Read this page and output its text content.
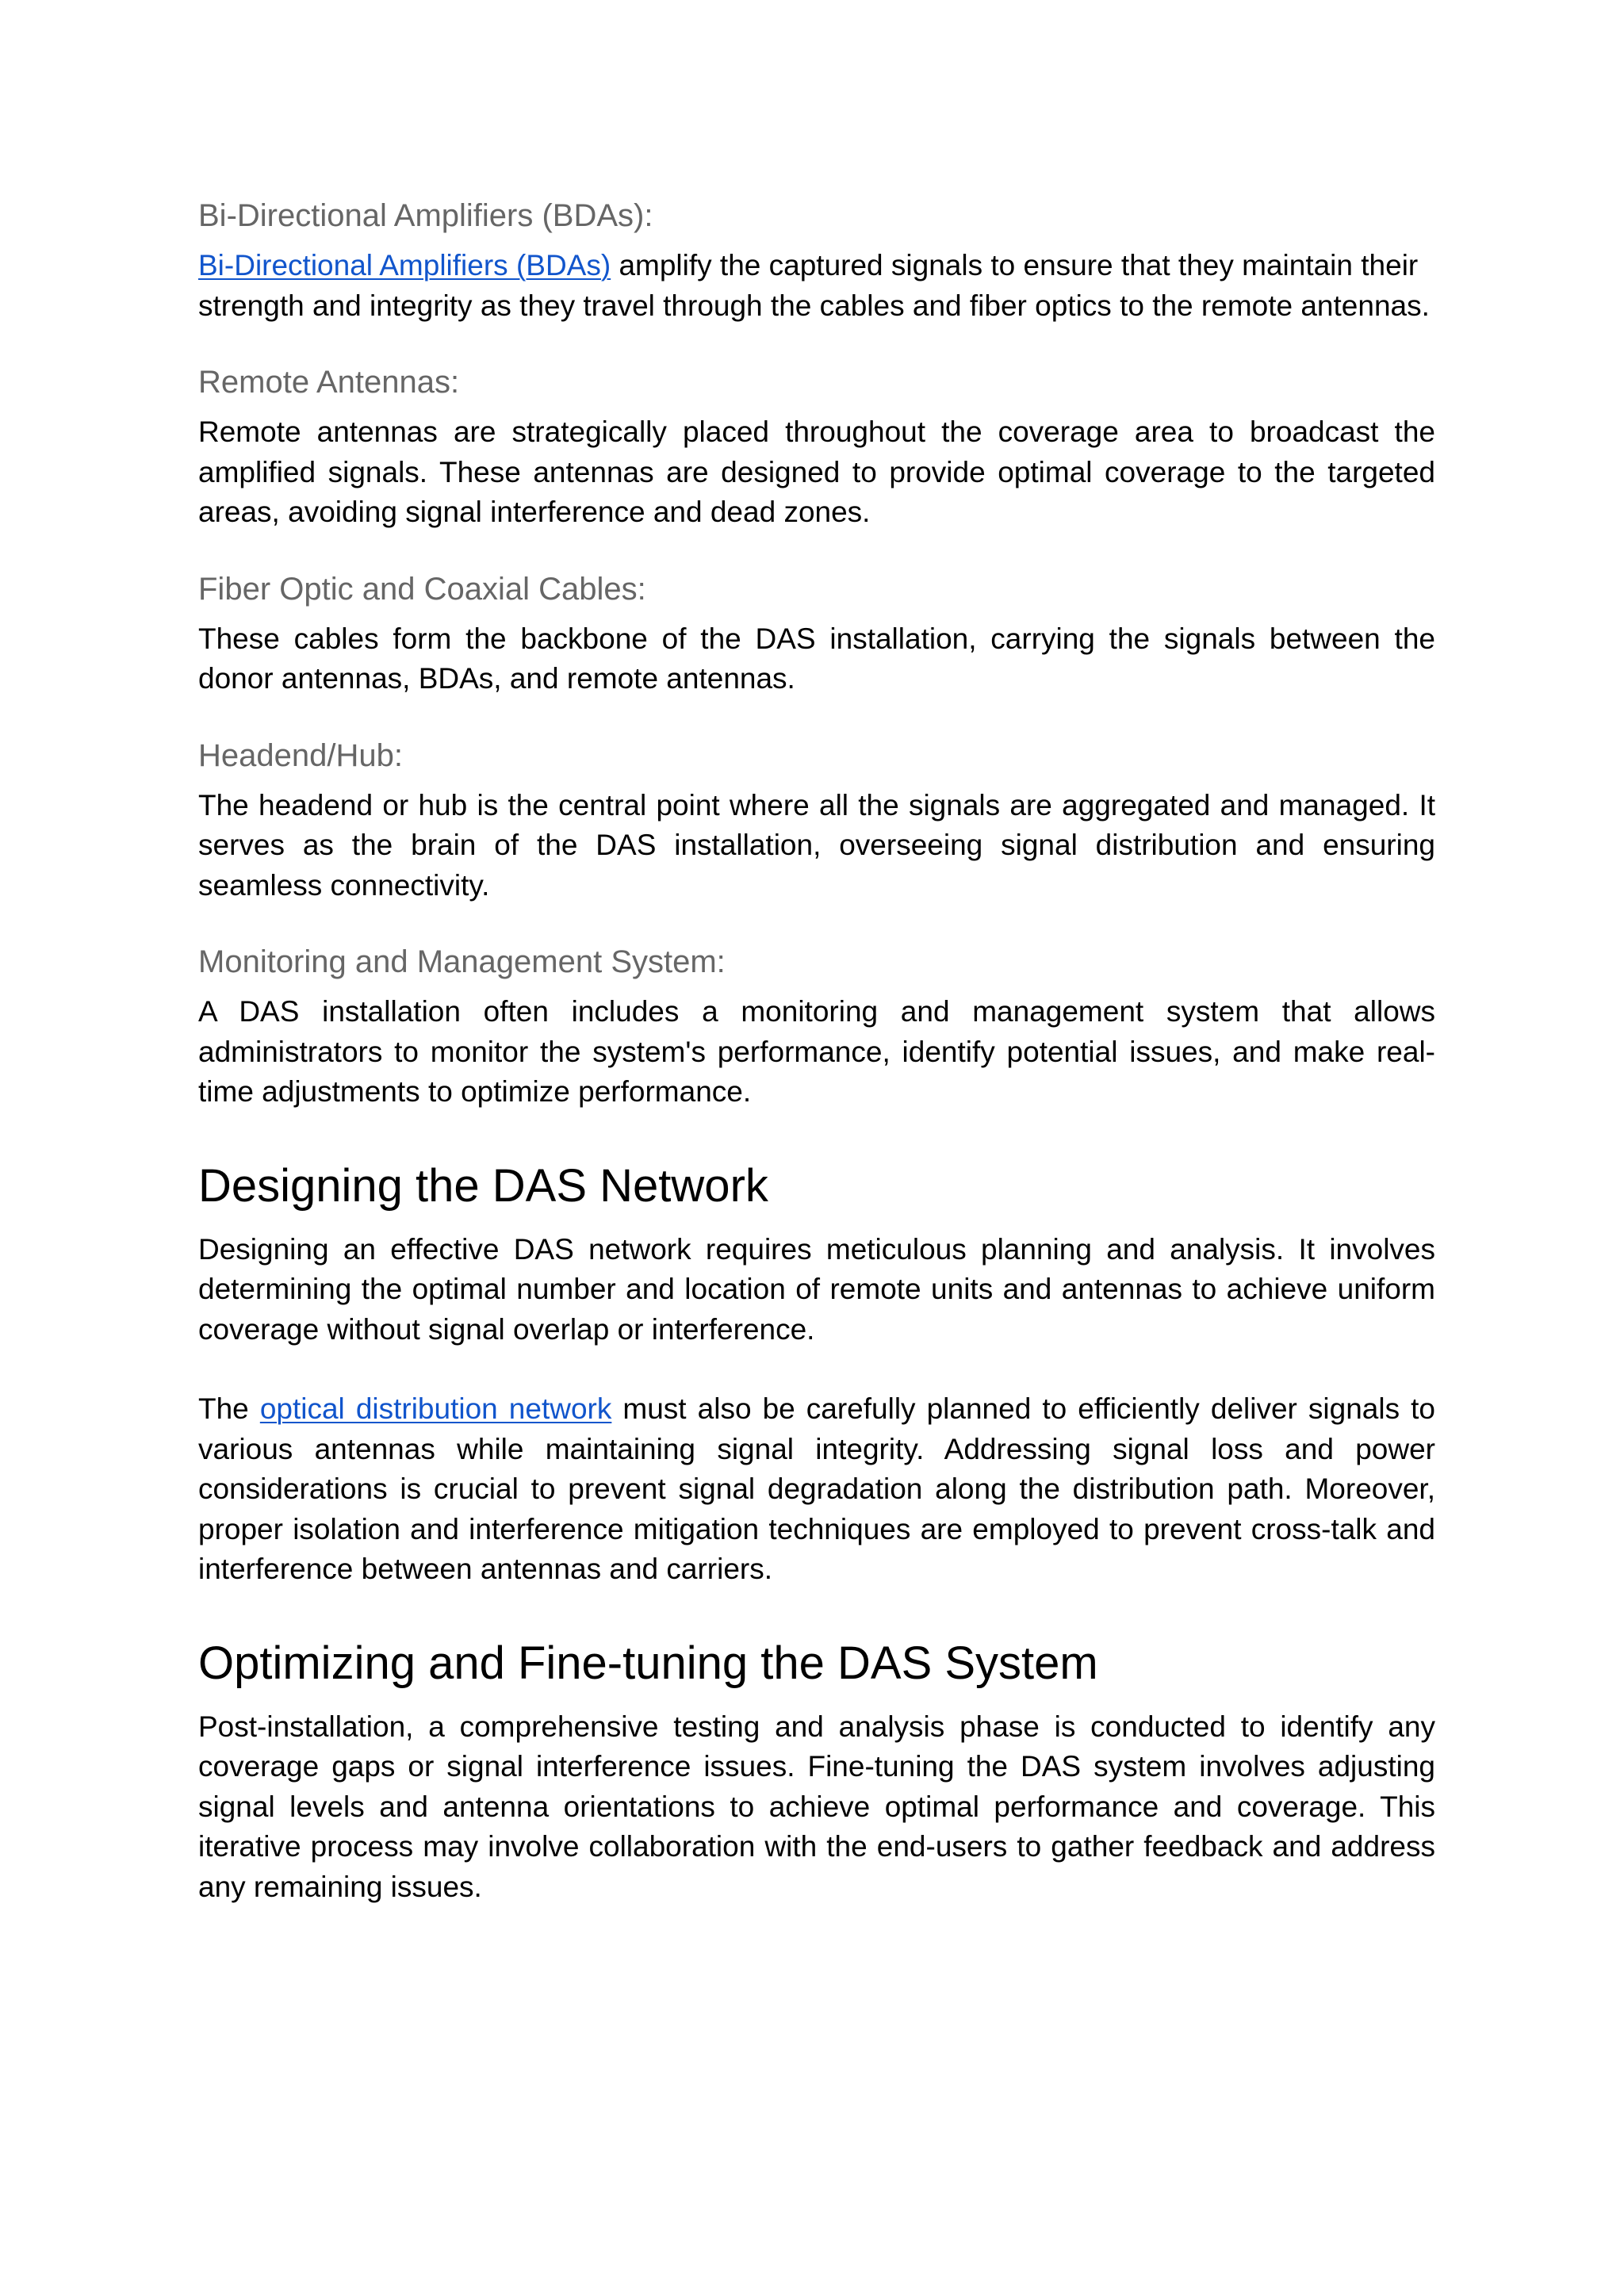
Bi-Directional Amplifiers (BDAs):

Bi-Directional Amplifiers (BDAs) amplify the captured signals to ensure that they maintain their strength and integrity as they travel through the cables and fiber optics to the remote antennas.

Remote Antennas:

Remote antennas are strategically placed throughout the coverage area to broadcast the amplified signals. These antennas are designed to provide optimal coverage to the targeted areas, avoiding signal interference and dead zones.

Fiber Optic and Coaxial Cables:

These cables form the backbone of the DAS installation, carrying the signals between the donor antennas, BDAs, and remote antennas.

Headend/Hub:

The headend or hub is the central point where all the signals are aggregated and managed. It serves as the brain of the DAS installation, overseeing signal distribution and ensuring seamless connectivity.

Monitoring and Management System:

A DAS installation often includes a monitoring and management system that allows administrators to monitor the system's performance, identify potential issues, and make real-time adjustments to optimize performance.

Designing the DAS Network

Designing an effective DAS network requires meticulous planning and analysis. It involves determining the optimal number and location of remote units and antennas to achieve uniform coverage without signal overlap or interference.

The optical distribution network must also be carefully planned to efficiently deliver signals to various antennas while maintaining signal integrity. Addressing signal loss and power considerations is crucial to prevent signal degradation along the distribution path. Moreover, proper isolation and interference mitigation techniques are employed to prevent cross-talk and interference between antennas and carriers.

Optimizing and Fine-tuning the DAS System

Post-installation, a comprehensive testing and analysis phase is conducted to identify any coverage gaps or signal interference issues. Fine-tuning the DAS system involves adjusting signal levels and antenna orientations to achieve optimal performance and coverage. This iterative process may involve collaboration with the end-users to gather feedback and address any remaining issues.
